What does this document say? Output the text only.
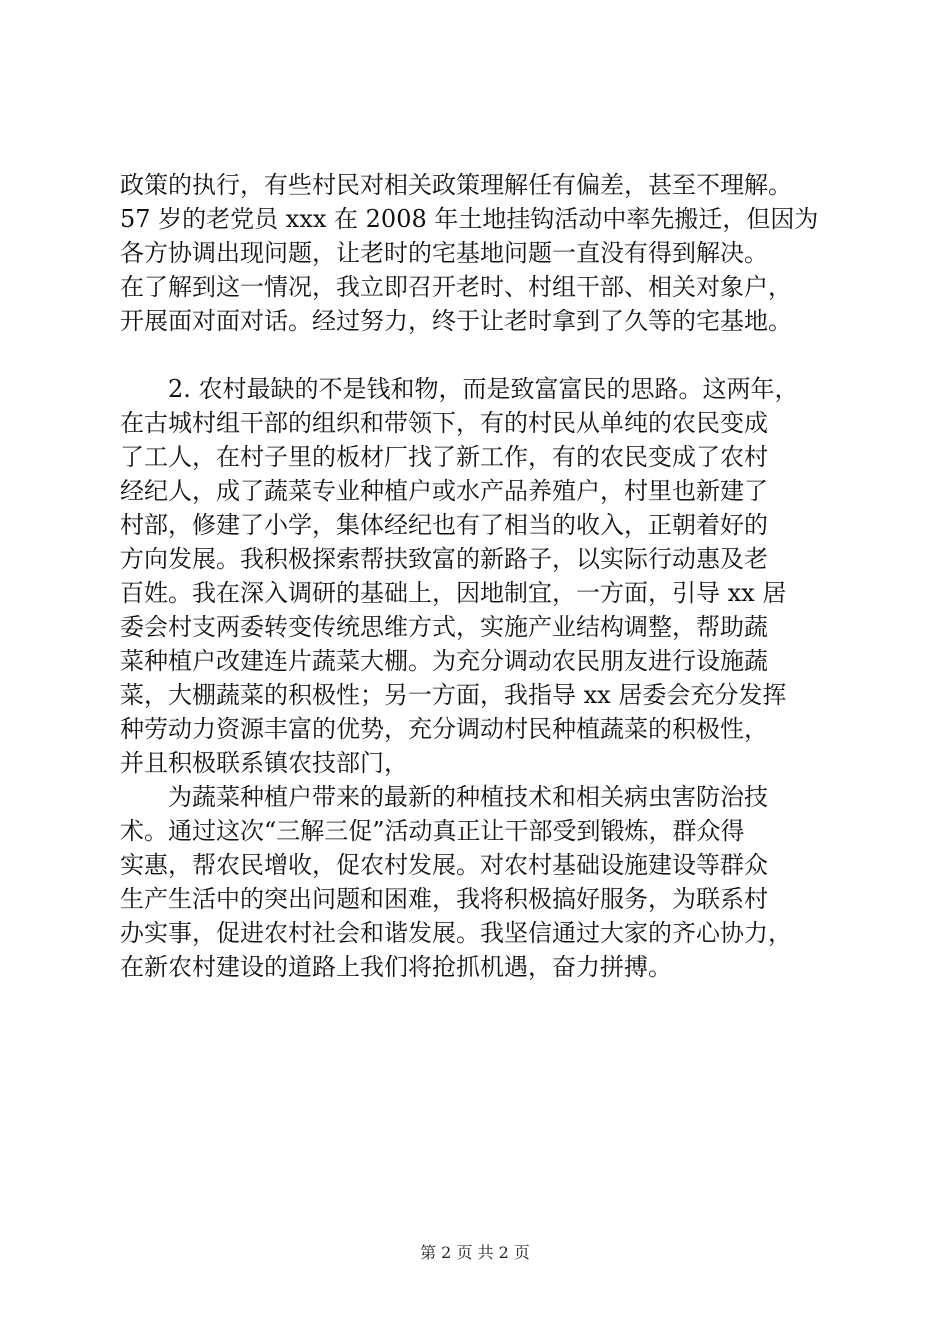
政策的执行，有些村民对相关政策理解任有偏差，甚至不理解。
57 岁的老党员 xxx 在 2008 年土地挂钩活动中率先搬迁，但因为
各方协调出现问题，让老时的宅基地问题一直没有得到解决。
在了解到这一情况，我立即召开老时、村组干部、相关对象户，
开展面对面对话。经过努力，终于让老时拿到了久等的宅基地。
　　2. 农村最缺的不是钱和物，而是致富富民的思路。这两年，
在古城村组干部的组织和带领下，有的村民从单纯的农民变成
了工人，在村子里的板材厂找了新工作，有的农民变成了农村
经纪人，成了蔬菜专业种植户或水产品养殖户，村里也新建了
村部，修建了小学，集体经纪也有了相当的收入，正朝着好的
方向发展。我积极探索帮扶致富的新路子，以实际行动惠及老
百姓。我在深入调研的基础上，因地制宜，一方面，引导 xx 居
委会村支两委转变传统思维方式，实施产业结构调整，帮助蔬
菜种植户改建连片蔬菜大棚。为充分调动农民朋友进行设施蔬
菜，大棚蔬菜的积极性；另一方面，我指导 xx 居委会充分发挥
种劳动力资源丰富的优势，充分调动村民种植蔬菜的积极性，
并且积极联系镇农技部门，
　　为蔬菜种植户带来的最新的种植技术和相关病虫害防治技
术。通过这次“三解三促”活动真正让干部受到锻炼，群众得
实惠，帮农民增收，促农村发展。对农村基础设施建设等群众
生产生活中的突出问题和困难，我将积极搞好服务，为联系村
办实事，促进农村社会和谐发展。我坚信通过大家的齐心协力，
在新农村建设的道路上我们将抢抓机遇，奋力拼搏。
第 2 页 共 2 页
